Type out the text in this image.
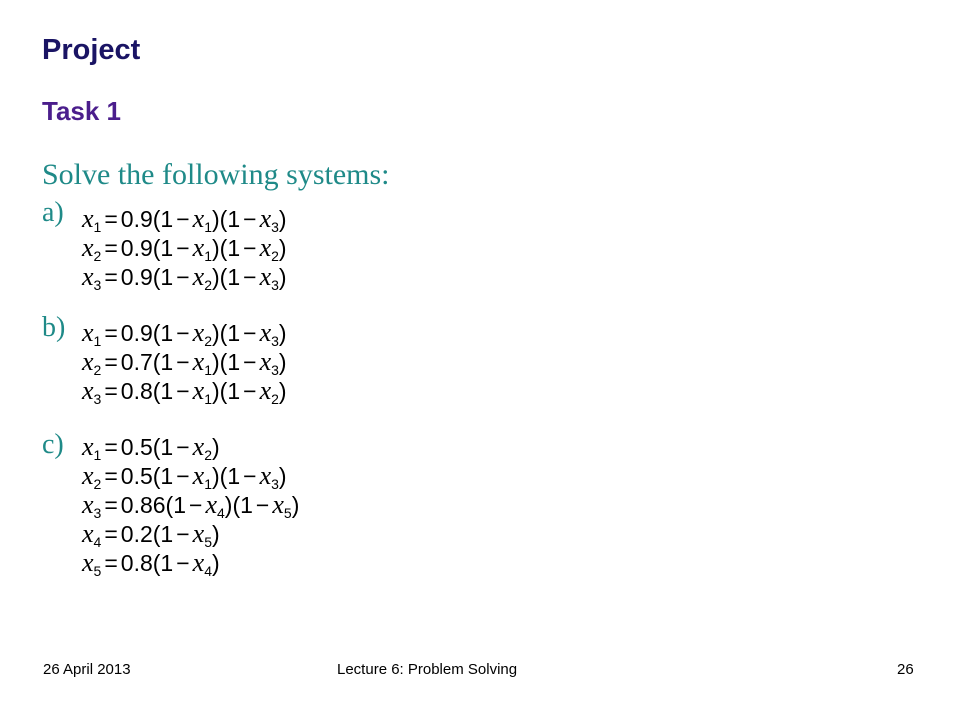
Project
Task 1
Solve the following systems:
a) $x_1 = 0.9(1 - x_1)(1 - x_3)$
$x_2 = 0.9(1 - x_1)(1 - x_2)$
$x_3 = 0.9(1 - x_2)(1 - x_3)$
b) $x_1 = 0.9(1 - x_2)(1 - x_3)$
$x_2 = 0.7(1 - x_1)(1 - x_3)$
$x_3 = 0.8(1 - x_1)(1 - x_2)$
c) $x_1 = 0.5(1 - x_2)$
$x_2 = 0.5(1 - x_1)(1 - x_3)$
$x_3 = 0.86(1 - x_4)(1 - x_5)$
$x_4 = 0.2(1 - x_5)$
$x_5 = 0.8(1 - x_4)$
26 April 2013	Lecture 6: Problem Solving	26
